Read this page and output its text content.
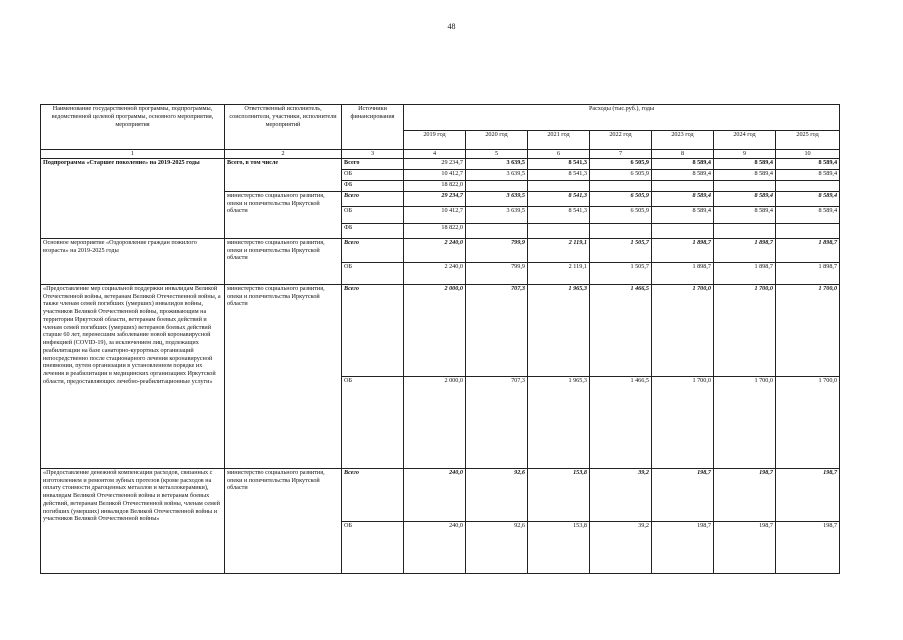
48
Наименование государственной программы, подпрограммы, ведомственной целевой программы, основного мероприятия, мероприятия	Ответственный исполнитель, соисполнители, участники, исполнители мероприятий	Источники финансирования	Расходы (тыс.руб.), годы						
			2019 год	2020 год	2021 год	2022 год	2023 год	2024 год	2025 год
1	2	3	4	5	6	7	8	9	10
Подпрограмма «Старшее поколение» на 2019-2025 годы	Всего, в том числе	Всего	29 234,7	3 639,5	8 541,3	6 505,9	8 589,4	8 589,4	8 589,4
		ОБ	10 412,7	3 639,5	8 541,3	6 505,9	8 589,4	8 589,4	8 589,4
		ФБ	18 822,0						
	министерство социального развития, опеки и попечительства Иркутской области	Всего	29 234,7	3 639,5	8 541,3	6 505,9	8 589,4	8 589,4	8 589,4
		ОБ	10 412,7	3 639,5	8 541,3	6 505,9	8 589,4	8 589,4	8 589,4
		ФБ	18 822,0						
Основное мероприятие «Оздоровление граждан пожилого возраста» на 2019-2025 годы	министерство социального развития, опеки и попечительства Иркутской области	Всего	2 240,0	799,9	2 119,1	1 505,7	1 898,7	1 898,7	1 898,7
		ОБ	2 240,0	799,9	2 119,1	1 505,7	1 898,7	1 898,7	1 898,7
«Предоставление мер социальной поддержки инвалидам Великой Отечественной войны, ветеранам Великой Отечественной войны, а также членам семей погибших (умерших) инвалидов войны, участников Великой Отечественной войны, проживающим на территории Иркутской области, ветеранам боевых действий и членам семей погибших (умерших) ветеранов боевых действий старше 60 лет, перенесшим заболевание новой коронавирусной инфекцией (COVID-19), за исключением лиц, подлежащих реабилитации на базе санаторно-курортных организаций непосредственно после стационарного лечения коронавирусной пневмонии, путем организации в установленном порядке их лечения и реабилитации в медицинских организациях Иркутской области, предоставляющих лечебно-реабилитационные услуги»	министерство социального развития, опеки и попечительства Иркутской области	Всего	2 000,0	707,3	1 965,3	1 466,5	1 700,0	1 700,0	1 700,0
		ОБ	2 000,0	707,3	1 965,3	1 466,5	1 700,0	1 700,0	1 700,0
«Предоставление денежной компенсации расходов, связанных с изготовлением и ремонтом зубных протезов (кроме расходов на оплату стоимости драгоценных металлов и металлокерамики), инвалидам Великой Отечественной войны и ветеранам боевых действий, ветеранам Великой Отечественной войны, членам семей погибших (умерших) инвалидов Великой Отечественной войны и участников Великой Отечественной войны»	министерство социального развития, опеки и попечительства Иркутской области	Всего	240,0	92,6	153,8	39,2	198,7	198,7	198,7
		ОБ	240,0	92,6	153,8	39,2	198,7	198,7	198,7
